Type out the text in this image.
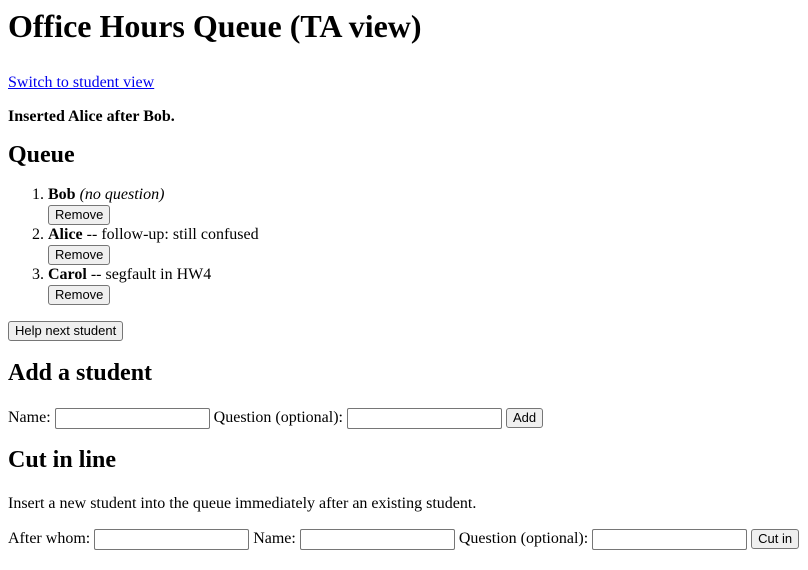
Office Hours Queue (TA view)

Switch to student view

Inserted Alice after Bob.

Queue
1. Bob (no question)
Remove
2. Alice -- follow-up: still confused
Remove
3. Carol -- segfault in HW4
Remove

Help next student

Add a student
Name:	Question (optional):	Add
Cut in line

Insert a new student into the queue immediately after an existing student.

After whom:	Name:	Question (optional):	Cut in
